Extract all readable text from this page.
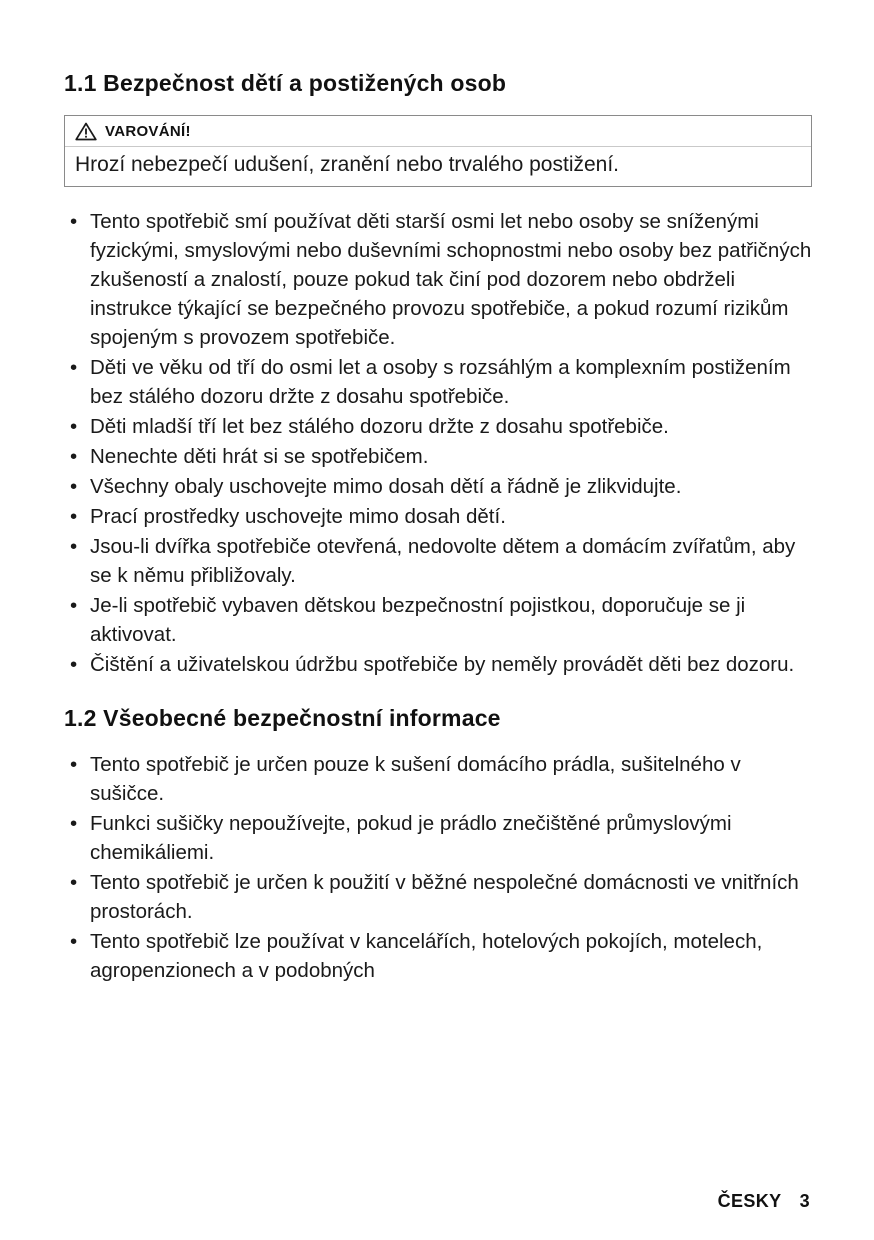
1.1 Bezpečnost dětí a postižených osob
VAROVÁNÍ!
Hrozí nebezpečí udušení, zranění nebo trvalého postižení.
• Tento spotřebič smí používat děti starší osmi let nebo osoby se sníženými fyzickými, smyslovými nebo duševními schopnostmi nebo osoby bez patřičných zkušeností a znalostí, pouze pokud tak činí pod dozorem nebo obdrželi instrukce týkající se bezpečného provozu spotřebiče, a pokud rozumí rizikům spojeným s provozem spotřebiče.
• Děti ve věku od tří do osmi let a osoby s rozsáhlým a komplexním postižením bez stálého dozoru držte z dosahu spotřebiče.
• Děti mladší tří let bez stálého dozoru držte z dosahu spotřebiče.
• Nenechte děti hrát si se spotřebičem.
• Všechny obaly uschovejte mimo dosah dětí a řádně je zlikvidujte.
• Prací prostředky uschovejte mimo dosah dětí.
• Jsou-li dvířka spotřebiče otevřená, nedovolte dětem a domácím zvířatům, aby se k němu přibližovaly.
• Je-li spotřebič vybaven dětskou bezpečnostní pojistkou, doporučuje se ji aktivovat.
• Čištění a uživatelskou údržbu spotřebiče by neměly provádět děti bez dozoru.
1.2 Všeobecné bezpečnostní informace
• Tento spotřebič je určen pouze k sušení domácího prádla, sušitelného v sušičce.
• Funkci sušičky nepoužívejte, pokud je prádlo znečištěné průmyslovými chemikáliemi.
• Tento spotřebič je určen k použití v běžné nespolečné domácnosti ve vnitřních prostorách.
• Tento spotřebič lze používat v kancelářích, hotelových pokojích, motelech, agropenzionech a v podobných
ČESKY 3
